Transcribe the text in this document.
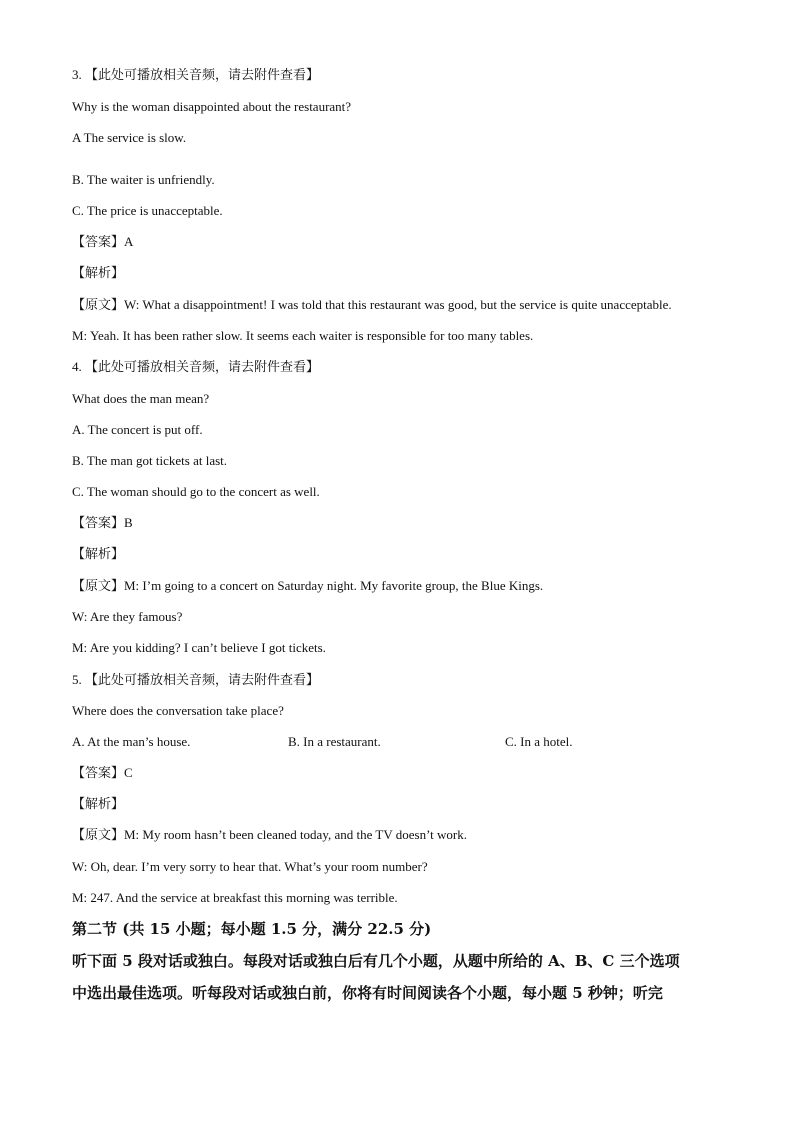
3. 【此处可播放相关音频，请去附件查看】
Why is the woman disappointed about the restaurant?
A The service is slow.
B. The waiter is unfriendly.
C. The price is unacceptable.
【答案】A
【解析】
【原文】W: What a disappointment! I was told that this restaurant was good, but the service is quite unacceptable.
M: Yeah. It has been rather slow. It seems each waiter is responsible for too many tables.
4. 【此处可播放相关音频，请去附件查看】
What does the man mean?
A. The concert is put off.
B. The man got tickets at last.
C. The woman should go to the concert as well.
【答案】B
【解析】
【原文】M: I’m going to a concert on Saturday night. My favorite group, the Blue Kings.
W: Are they famous?
M: Are you kidding? I can’t believe I got tickets.
5. 【此处可播放相关音频，请去附件查看】
Where does the conversation take place?
A. At the man’s house.	B. In a restaurant.	C. In a hotel.
【答案】C
【解析】
【原文】M: My room hasn’t been cleaned today, and the TV doesn’t work.
W: Oh, dear. I’m very sorry to hear that. What’s your room number?
M: 247. And the service at breakfast this morning was terrible.
第二节 (共 15 小题；每小题 1.5 分，满分 22.5 分)
听下面 5 段对话或独白。每段对话或独白后有几个小题，从题中所给的 A、B、C 三个选项
中选出最佳选项。听每段对话或独白前，你将有时间阅读各个小题，每小题 5 秒钟；听完
